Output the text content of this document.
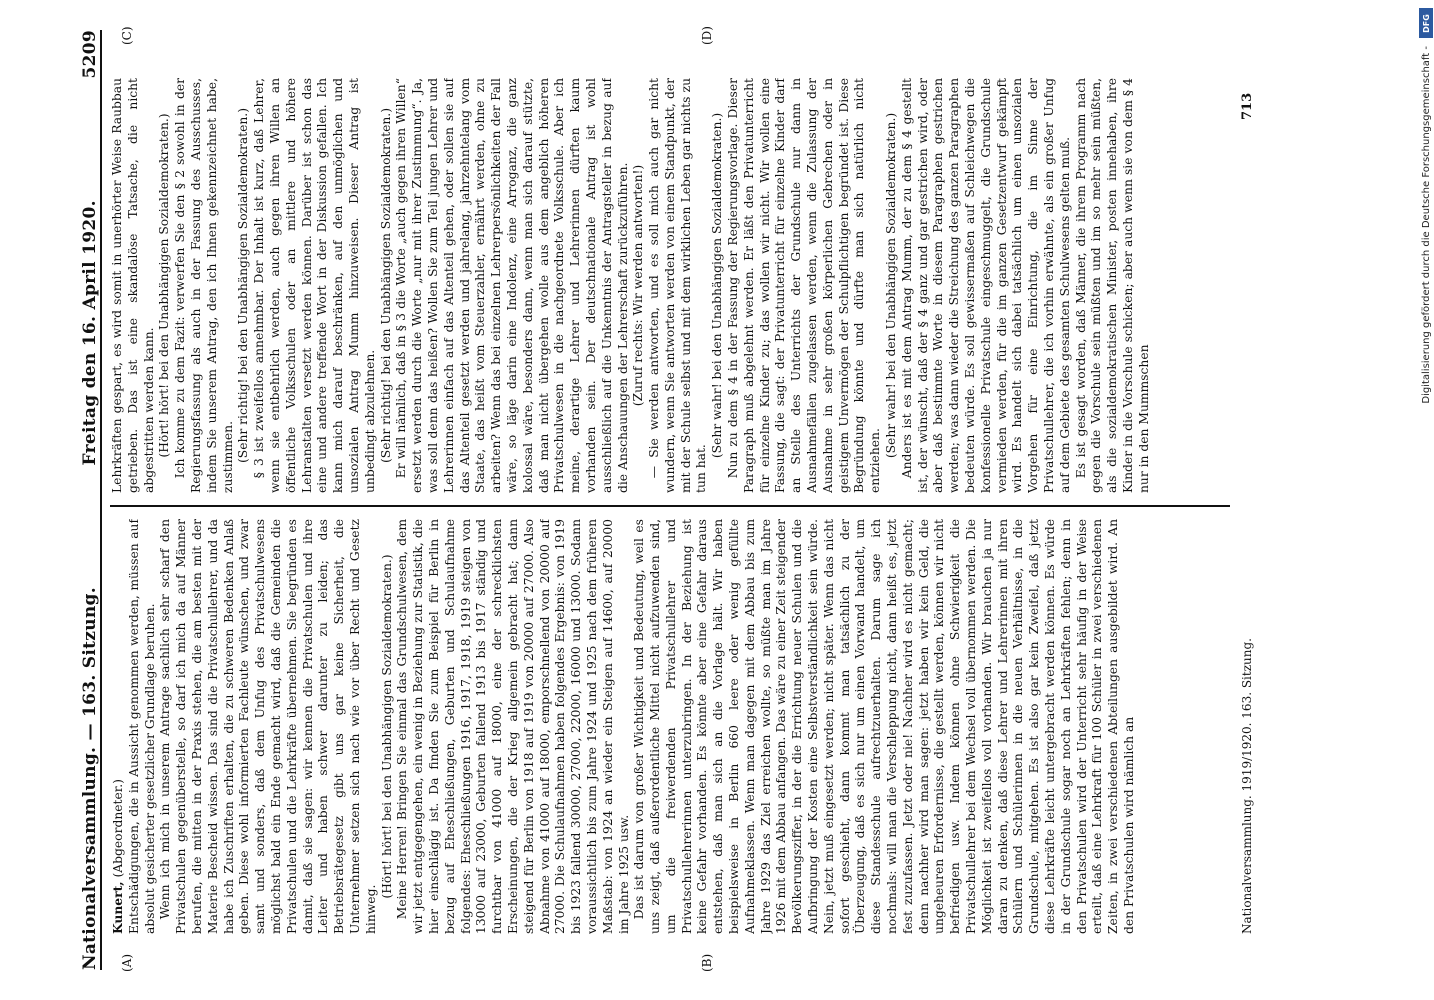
Nationalversammlung. — 163. Sitzung.
Freitag den 16. April 1920.
5209
(A)	(B)
(C)	(D)

Kunert, (Abgeordneter.) Entschädigungen, die in Aussicht genommen werden, müssen auf absolut gesicherter gesetzlicher Grundlage beruhen. Wenn ich mich in unserem Antrage sachlich sehr scharf den Privatschulen gegenüberstelle, so darf ich mich da auf Männer berufen, die mitten in der Praxis stehen, die am besten mit der Materie Bescheid wissen. Das sind die Privatschullehrer, und da habe ich Zuschriften erhalten, die zu schweren Bedenken Anlaß geben. Diese wohl informierten Fachleute wünschen, und zwar samt und sonders, daß dem Unfug des Privatschulwesens möglichst bald ein Ende gemacht wird, daß die Gemeinden die Privatschulen und die Lehrkräfte übernehmen. Sie begründen es damit, daß sie sagen: wir kennen die Privatschulen und ihre Leiter und haben schwer darunter zu leiden; das Betriebsrätegesetz gibt uns gar keine Sicherheit, die Unternehmer setzen sich nach wie vor über Recht und Gesetz hinweg.

(Hört! hört! bei den Unabhängigen Sozialdemokraten.) Meine Herren! Bringen Sie einmal das Grundschulwesen, dem wir jetzt entgegengehen, ein wenig in Beziehung zur Statistik, die hier einschlägig ist. Da finden Sie zum Beispiel für Berlin in bezug auf Eheschließungen, Geburten und Schulaufnahme folgendes: Eheschließungen 1916, 1917, 1918, 1919 steigen von 13000 auf 23000, Geburten fallend 1913 bis 1917 ständig und furchtbar von 41000 auf 18000, eine der schrecklichsten Erscheinungen, die der Krieg allgemein gebracht hat; dann steigend für Berlin von 1918 auf 1919 von 20000 auf 27000. Also Abnahme von 41000 auf 18000, emporschnellend von 20000 auf 27000. Die Schulaufnahmen haben folgendes Ergebnis: von 1919 bis 1923 fallend 30000, 27000, 22000, 16000 und 13000. Sodann voraussichtlich bis zum Jahre 1924 und 1925 nach dem früheren Maßstab: von 1924 an wieder ein Steigen auf 14600, auf 20000 im Jahre 1925 usw. Das ist darum von großer Wichtigkeit und Bedeutung, weil es uns zeigt, daß außerordentliche Mittel nicht aufzuwenden sind, um die freiwerdenden Privatschullehrer und Privatschullehrerinnen unterzubringen. In der Beziehung ist keine Gefahr vorhanden. Es könnte aber eine Gefahr daraus entstehen, daß man sich an die Vorlage hält. Wir haben beispielsweise in Berlin 660 leere oder wenig gefüllte Aufnahmeklassen. Wenn man dagegen mit dem Abbau bis zum Jahre 1929 das Ziel erreichen wollte, so müßte man im Jahre 1926 mit dem Abbau anfangen. Das wäre zu einer Zeit steigender Bevölkerungsziffer, in der die Errichtung neuer Schulen und die Aufbringung der Kosten eine Selbstverständlichkeit sein würde. Nein, jetzt muß eingesetzt werden; nicht später. Wenn das nicht sofort geschieht, dann kommt man tatsächlich zu der Überzeugung, daß es sich nur um einen Vorwand handelt, um diese Standesschule aufrechtzuerhalten. Darum sage ich nochmals: will man die Verschleppung nicht, dann heißt es, jetzt fest zuzufassen. Jetzt oder nie! Nachher wird es nicht gemacht; denn nachher wird man sagen: jetzt haben wir kein Geld, die ungeheuren Erfordernisse, die gestellt werden, können wir nicht befriedigen usw. Indem können ohne Schwierigkeit die Privatschullehrer bei dem Wechsel voll übernommen werden. Die Möglichkeit ist zweifellos voll vorhanden. Wir brauchen ja nur daran zu denken, daß diese Lehrer und Lehrerinnen mit ihren Schülern und Schülerinnen in die neuen Verhältnisse, in die Grundschule, mitgehen. Es ist also gar kein Zweifel, daß jetzt diese Lehrkräfte leicht untergebracht werden können. Es würde in der Grundschule sogar noch an Lehrkräften fehlen; denn in den Privatschulen wird der Unterricht sehr häufig in der Weise erteilt, daß eine Lehrkraft für 100 Schüler in zwei verschiedenen Zeiten, in zwei verschiedenen Abteilungen ausgebildet wird. An den Privatschulen wird nämlich an

Lehrkräften gespart, es wird somit in unerhörter Weise Raubbau getrieben. Das ist eine skandalöse Tatsache, die nicht abgestritten werden kann. (Hört! hört! bei den Unabhängigen Sozialdemokraten.) Ich komme zu dem Fazit: verwerfen Sie den § 2 sowohl in der Regierungsfassung als auch in der Fassung des Ausschusses, indem Sie unserem Antrag, den ich Ihnen gekennzeichnet habe, zustimmen. (Sehr richtig! bei den Unabhängigen Sozialdemokraten.) § 3 ist zweifellos annehmbar. Der Inhalt ist kurz, daß Lehrer, wenn sie entbehrlich werden, auch gegen ihren Willen an öffentliche Volksschulen oder an mittlere und höhere Lehranstalten versetzt werden können. Darüber ist schon das eine und andere treffende Wort in der Diskussion gefallen. Ich kann mich darauf beschränken, auf den unmöglichen und unsozialen Antrag Mumm hinzuweisen. Dieser Antrag ist unbedingt abzulehnen. (Sehr richtig! bei den Unabhängigen Sozialdemokraten.) Er will nämlich, daß in § 3 die Worte „auch gegen ihren Willen“ ersetzt werden durch die Worte „nur mit ihrer Zustimmung“. Ja, was soll denn das heißen? Wollen Sie zum Teil jungen Lehrer und Lehrerinnen einfach auf das Altenteil gehen, oder sollen sie auf das Altenteil gesetzt werden und jahrelang, jahrzehntelang vom Staate, das heißt vom Steuerzahler, ernährt werden, ohne zu arbeiten? Wenn das bei einzelnen Lehrerpersönlichkeiten der Fall wäre, so läge darin eine Indolenz, eine Arroganz, die ganz kolossal wäre, besonders dann, wenn man sich darauf stützte, daß man nicht übergehen wolle aus dem angeblich höheren Privatschulwesen in die nachgeordnete Volksschule. Aber ich meine, derartige Lehrer und Lehrerinnen dürften kaum vorhanden sein. Der deutschnationale Antrag ist wohl ausschließlich auf die Unkenntnis der Antragsteller in bezug auf die Anschauungen der Lehrerschaft zurückzuführen. (Zuruf rechts: Wir werden antworten!) — Sie werden antworten, und es soll mich auch gar nicht wundern, wenn Sie antworten werden von einem Standpunkt, der mit der Schule selbst und mit dem wirklichen Leben gar nichts zu tun hat.

(Sehr wahr! bei den Unabhängigen Sozialdemokraten.) Nun zu dem § 4 in der Fassung der Regierungsvorlage. Dieser Paragraph muß abgelehnt werden. Er läßt den Privatunterricht für einzelne Kinder zu; das wollen wir nicht. Wir wollen eine Fassung, die sagt: der Privatunterricht für einzelne Kinder darf an Stelle des Unterrichts der Grundschule nur dann in Ausnahmefällen zugelassen werden, wenn die Zulassung der Ausnahme in sehr großen körperlichen Gebrechen oder in geistigem Unvermögen der Schulpflichtigen begründet ist. Diese Begründung könnte und dürfte man sich natürlich nicht entziehen.

(Sehr wahr! bei den Unabhängigen Sozialdemokraten.) Anders ist es mit dem Antrag Mumm, der zu dem § 4 gestellt ist, der wünscht, daß der § 4 ganz und gar gestrichen wird, oder aber daß bestimmte Worte in diesem Paragraphen gestrichen werden; was dann wieder die Streichung des ganzen Paragraphen bedeuten würde. Es soll gewissermaßen auf Schleichwegen die konfessionelle Privatschule eingeschmuggelt, die Grundschule vermieden werden, für die im ganzen Gesetzentwurf gekämpft wird. Es handelt sich dabei tatsächlich um einen unsozialen Vorgehen für eine Einrichtung, die im Sinne der Privatschullehrer, die ich vorhin erwähnte, als ein großer Unfug auf dem Gebiete des gesamten Schulwesens gelten muß. Es ist gesagt worden, daß Männer, die ihrem Programm nach gegen die Vorschule sein müßten und im so mehr sein müßten, als die sozialdemokratischen Minister, posten innehaben, ihre Kinder in die Vorschule schicken; aber auch wenn sie von dem § 4 nur in den Mummschen

Nationalversammlung. 1919/1920. 163. Sitzung.
713
DFG
Digitalisierung gefördert durch die Deutsche Forschungsgemeinschaft -
